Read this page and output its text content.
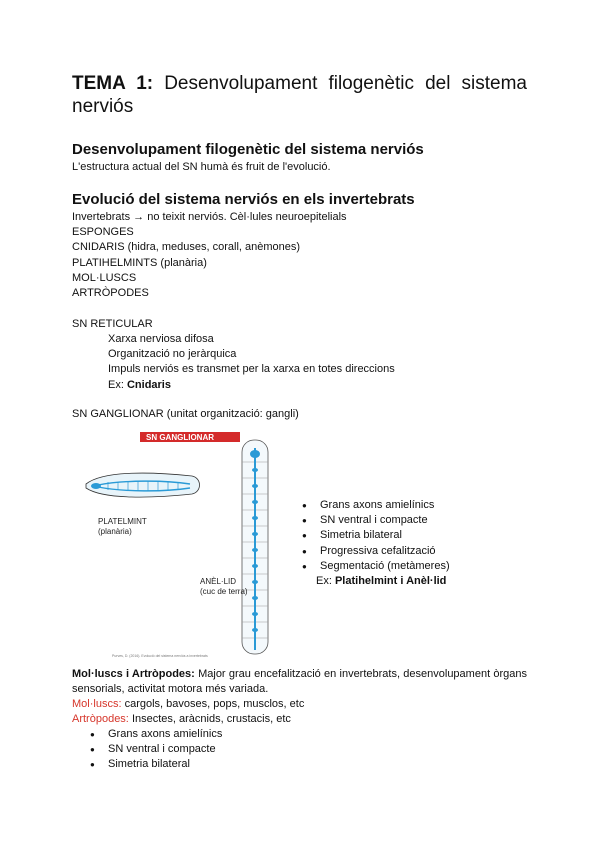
TEMA 1: Desenvolupament filogenètic del sistema nerviós
Desenvolupament filogenètic del sistema nerviós
L'estructura actual del SN humà és fruit de l'evolució.
Evolució del sistema nerviós en els invertebrats
Invertebrats → no teixit nerviós. Cèl·lules neuroepitelials
ESPONGES
CNIDARIS (hidra, meduses, corall, anèmones)
PLATIHELMINTS (planària)
MOL·LUSCS
ARTRÒPODES
SN RETICULAR
Xarxa nerviosa difosa
Organització no jeràrquica
Impuls nerviós es transmet per la xarxa en totes direccions
Ex: Cnidaris
SN GANGLIONAR (unitat organització: gangli)
SN GANGLIONAR
PLATELMINT
(planària)
ANÈL·LID
(cuc de terra)
Purves, D. (2016). Evolució del sistema nerviós a invertebrats
● Grans axons amielínics
● SN ventral i compacte
● Simetria bilateral
● Progressiva cefalització
● Segmentació (metàmeres)
Ex: Platihelmint i Anèl·lid
Mol·luscs i Artròpodes: Major grau encefalització en invertebrats, desenvolupament òrgans sensorials, activitat motora més variada.
Mol·luscs: cargols, bavoses, pops, musclos, etc
Artròpodes: Insectes, aràcnids, crustacis, etc
● Grans axons amielínics
● SN ventral i compacte
● Simetria bilateral
